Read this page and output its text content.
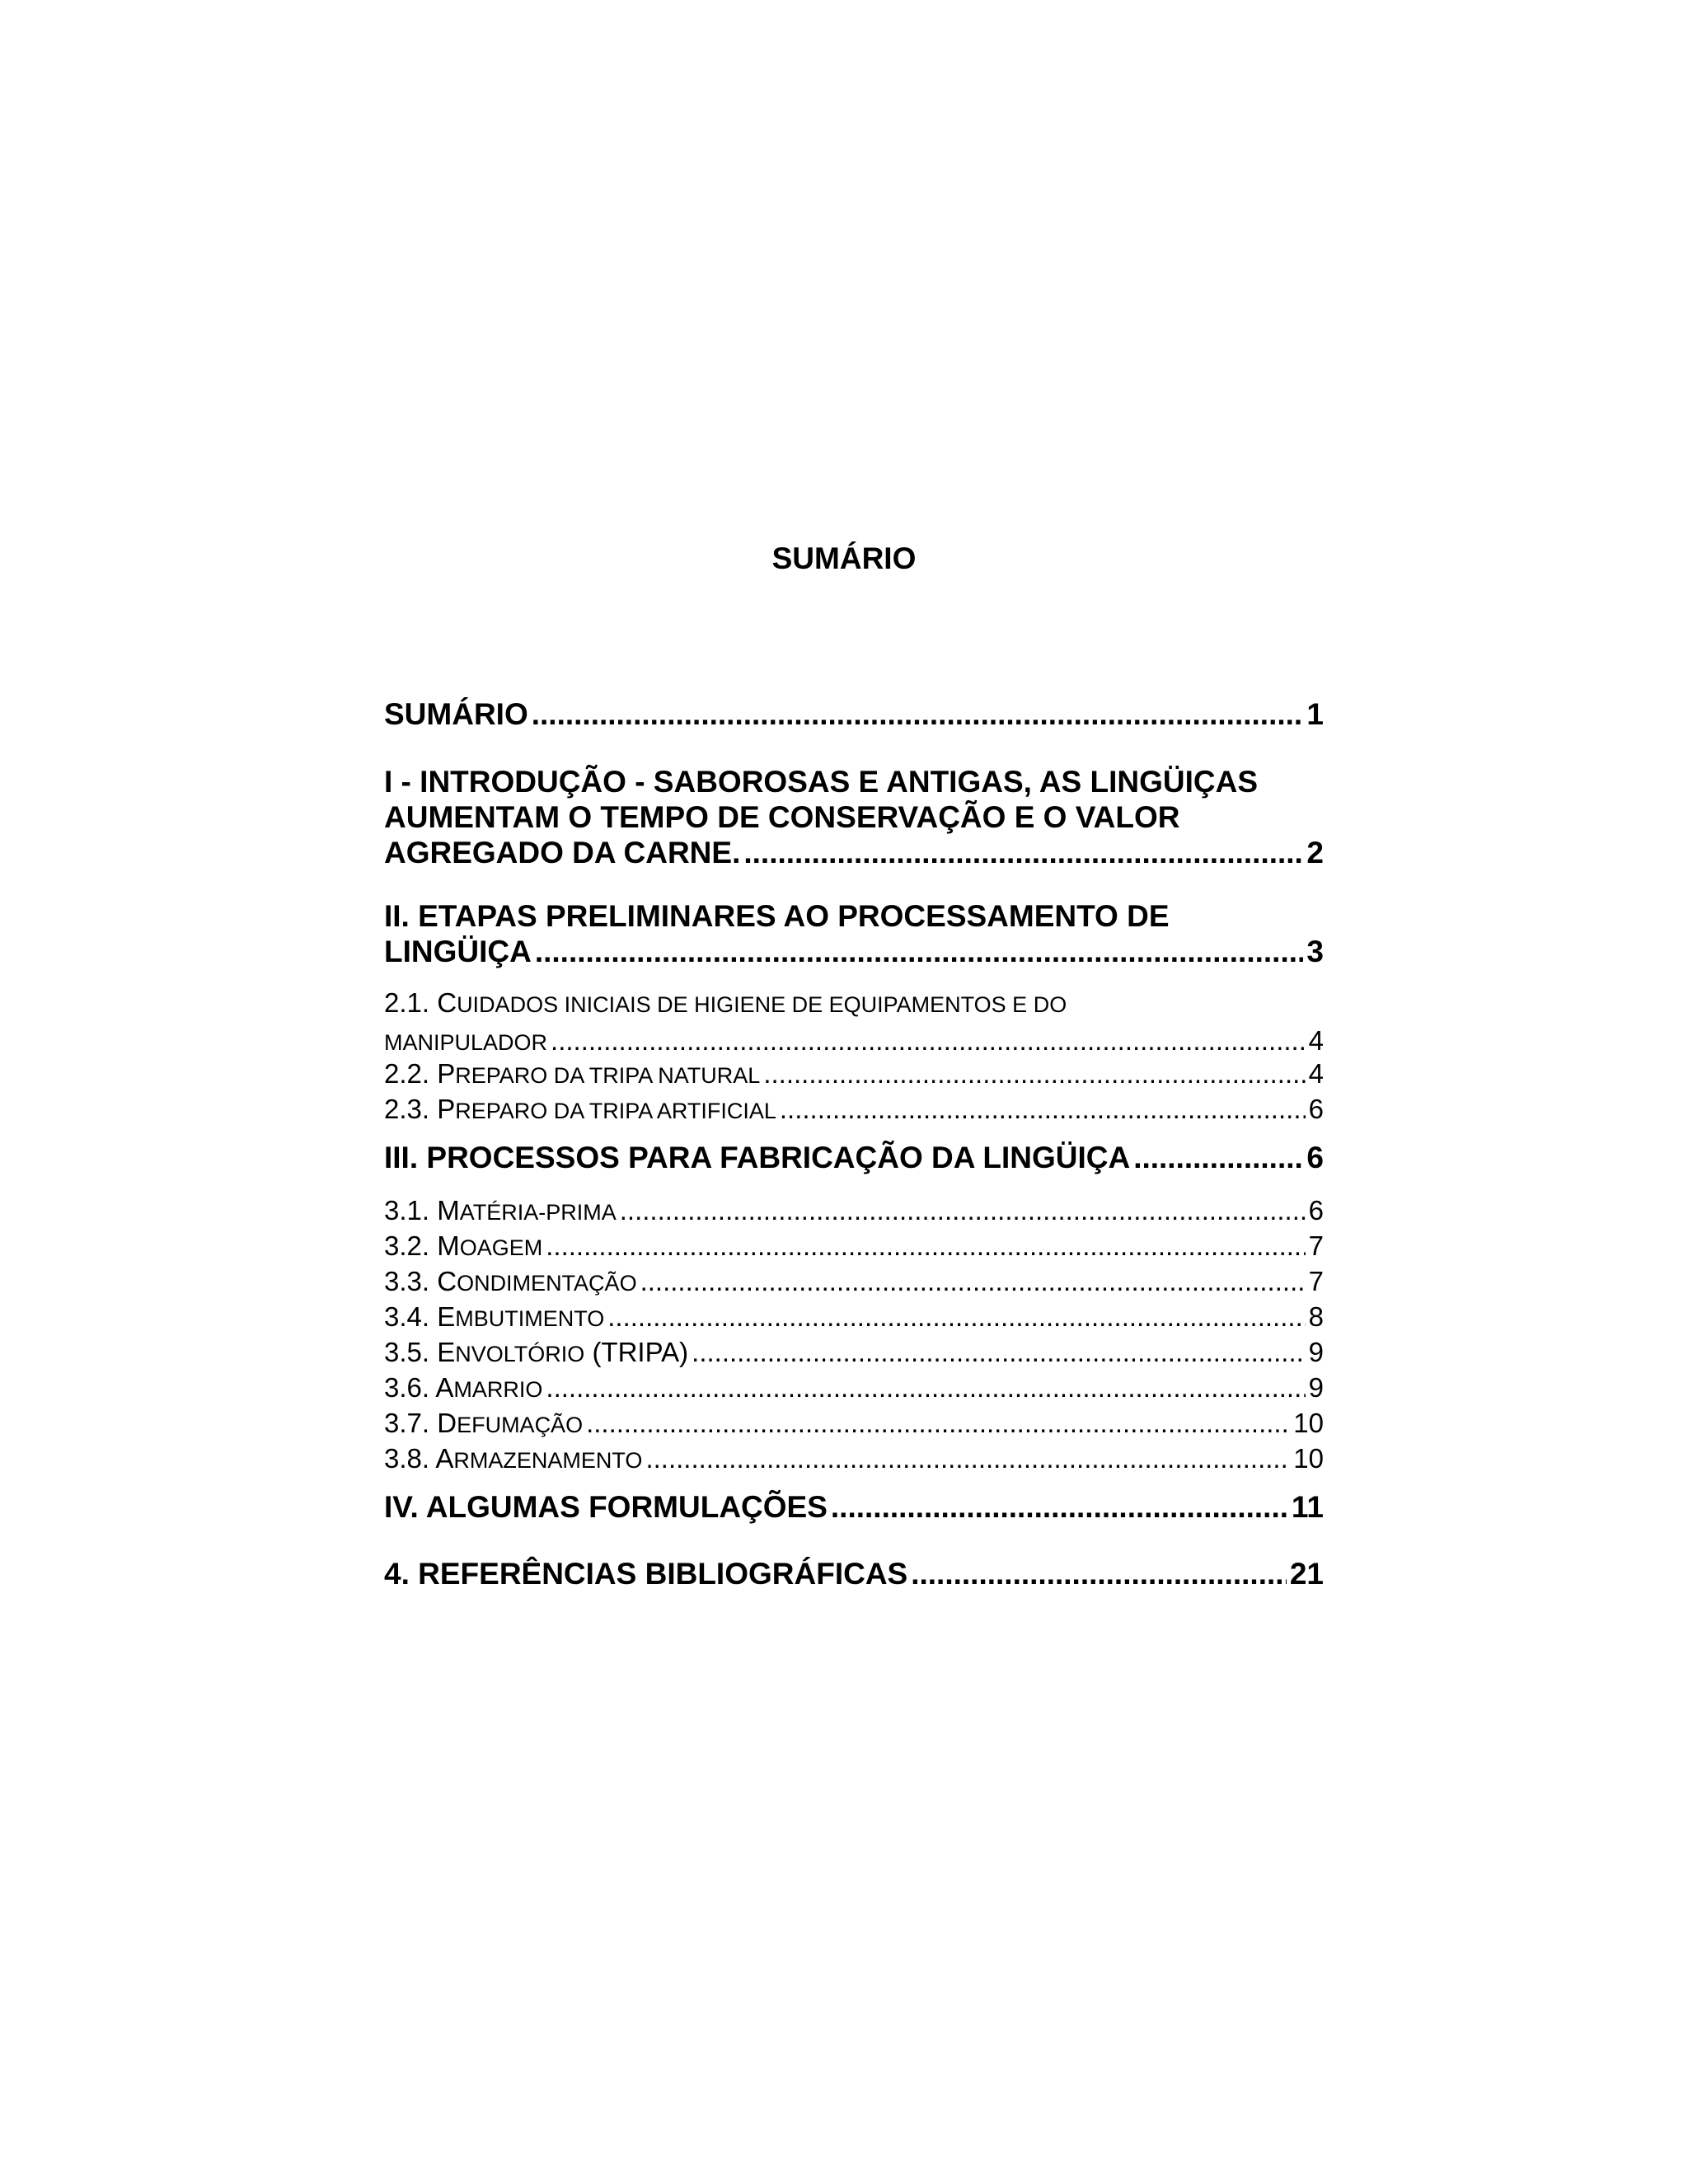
SUMÁRIO
SUMÁRIO .....	1
I - INTRODUÇÃO - SABOROSAS E ANTIGAS, AS LINGÜIÇAS
AUMENTAM O TEMPO DE CONSERVAÇÃO E O VALOR
AGREGADO DA CARNE. .....	2
II. ETAPAS PRELIMINARES AO PROCESSAMENTO DE
LINGÜIÇA .....	3
2.1. CUIDADOS INICIAIS DE HIGIENE DE EQUIPAMENTOS E DO
MANIPULADOR .....	4
2.2. PREPARO DA TRIPA NATURAL .....	4
2.3. PREPARO DA TRIPA ARTIFICIAL .....	6
III. PROCESSOS PARA FABRICAÇÃO DA LINGÜIÇA .....	6
3.1. MATÉRIA-PRIMA .....	6
3.2. MOAGEM .....	7
3.3. CONDIMENTAÇÃO .....	7
3.4. EMBUTIMENTO .....	8
3.5. ENVOLTÓRIO (TRIPA) .....	9
3.6. AMARRIO .....	9
3.7. DEFUMAÇÃO .....	10
3.8. ARMAZENAMENTO .....	10
IV. ALGUMAS FORMULAÇÕES .....	11
4. REFERÊNCIAS BIBLIOGRÁFICAS .....	21
